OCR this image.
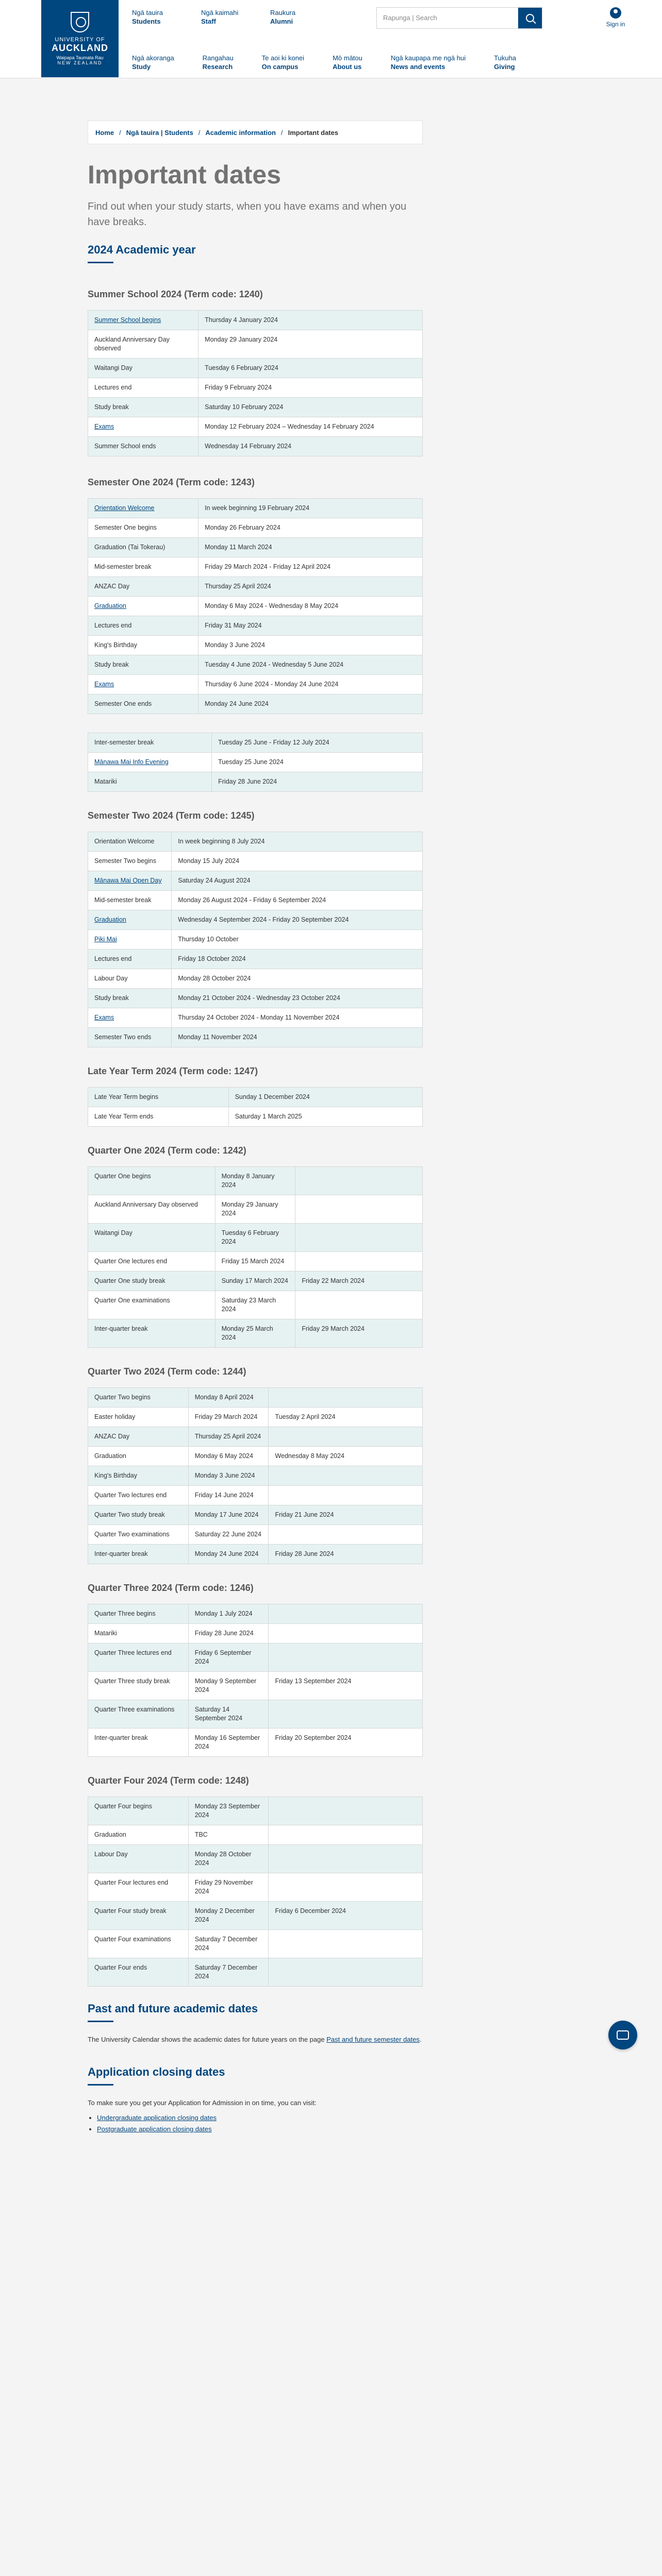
UNIVERSITY OF
AUCKLAND
Waipapa Taumata Rau
NEW ZEALAND
Ngā tauira
Students
Ngā kaimahi
Staff
Raukura
Alumni	Rapunga | Search
Sign in
Ngā akoranga
Study
Rangahau
Research
Te aoi ki konei
On campus
Mō mātou
About us
Ngā kaupapa me ngā hui
News and events
Tukuha
Giving
Home / Ngā tauira | Students / Academic information / Important dates
Important dates

Find out when your study starts, when you have exams and when you have breaks.

2024 Academic year
Summer School 2024 (Term code: 1240)
Summer School begins	Thursday 4 January 2024
Auckland Anniversary Day observed	Monday 29 January 2024
Waitangi Day	Tuesday 6 February 2024
Lectures end	Friday 9 February 2024
Study break	Saturday 10 February 2024
Exams	Monday 12 February 2024 – Wednesday 14 February 2024
Summer School ends	Wednesday 14 February 2024
Semester One 2024 (Term code: 1243)
Orientation Welcome	In week beginning 19 February 2024
Semester One begins	Monday 26 February 2024
Graduation (Tai Tokerau)	Monday 11 March 2024
Mid-semester break	Friday 29 March 2024 - Friday 12 April 2024
ANZAC Day	Thursday 25 April 2024
Graduation	Monday 6 May 2024 - Wednesday 8 May 2024
Lectures end	Friday 31 May 2024
King's Birthday	Monday 3 June 2024
Study break	Tuesday 4 June 2024 - Wednesday 5 June 2024
Exams	Thursday 6 June 2024 - Monday 24 June 2024
Semester One ends	Monday 24 June 2024
Inter-semester break	Tuesday 25 June - Friday 12 July 2024
Mānawa Mai Info Evening	Tuesday 25 June 2024
Matariki	Friday 28 June 2024
Semester Two 2024 (Term code: 1245)
Orientation Welcome	In week beginning 8 July 2024
Semester Two begins	Monday 15 July 2024
Mānawa Mai Open Day	Saturday 24 August 2024
Mid-semester break	Monday 26 August 2024 - Friday 6 September 2024
Graduation	Wednesday 4 September 2024 - Friday 20 September 2024
Piki Mai	Thursday 10 October
Lectures end	Friday 18 October 2024
Labour Day	Monday 28 October 2024
Study break	Monday 21 October 2024 - Wednesday 23 October 2024
Exams	Thursday 24 October 2024 - Monday 11 November 2024
Semester Two ends	Monday 11 November 2024
Late Year Term 2024 (Term code: 1247)
Late Year Term begins	Sunday 1 December 2024
Late Year Term ends	Saturday 1 March 2025
Quarter One 2024 (Term code: 1242)
Quarter One begins	Monday 8 January 2024	
Auckland Anniversary Day observed	Monday 29 January 2024	
Waitangi Day	Tuesday 6 February 2024	
Quarter One lectures end	Friday 15 March 2024	
Quarter One study break	Sunday 17 March 2024	Friday 22 March 2024
Quarter One examinations	Saturday 23 March 2024	
Inter-quarter break	Monday 25 March 2024	Friday 29 March 2024
Quarter Two 2024 (Term code: 1244)
Quarter Two begins	Monday 8 April 2024	
Easter holiday	Friday 29 March 2024	Tuesday 2 April 2024
ANZAC Day	Thursday 25 April 2024	
Graduation	Monday 6 May 2024	Wednesday 8 May 2024
King's Birthday	Monday 3 June 2024	
Quarter Two lectures end	Friday 14 June 2024	
Quarter Two study break	Monday 17 June 2024	Friday 21 June 2024
Quarter Two examinations	Saturday 22 June 2024	
Inter-quarter break	Monday 24 June 2024	Friday 28 June 2024
Quarter Three 2024 (Term code: 1246)
Quarter Three begins	Monday 1 July 2024	
Matariki	Friday 28 June 2024	
Quarter Three lectures end	Friday 6 September 2024	
Quarter Three study break	Monday 9 September 2024	Friday 13 September 2024
Quarter Three examinations	Saturday 14 September 2024	
Inter-quarter break	Monday 16 September 2024	Friday 20 September 2024
Quarter Four 2024 (Term code: 1248)
Quarter Four begins	Monday 23 September 2024	
Graduation	TBC	
Labour Day	Monday 28 October 2024	
Quarter Four lectures end	Friday 29 November 2024	
Quarter Four study break	Monday 2 December 2024	Friday 6 December 2024
Quarter Four examinations	Saturday 7 December 2024	
Quarter Four ends	Saturday 7 December 2024	
Past and future academic dates

The University Calendar shows the academic dates for future years on the page Past and future semester dates.

Application closing dates

To make sure you get your Application for Admission in on time, you can visit:

• Undergraduate application closing dates
• Postgraduate application closing dates
